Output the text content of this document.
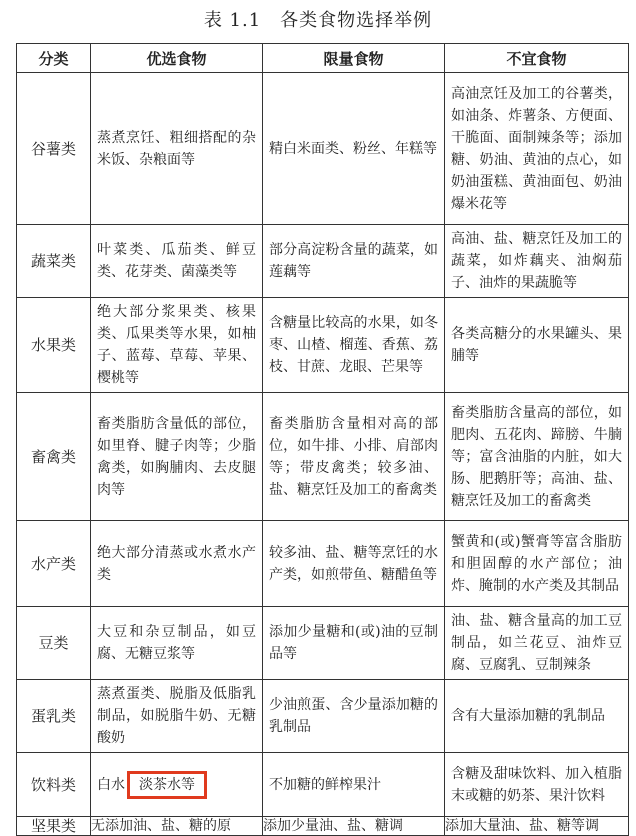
表 1.1　各类食物选择举例
分类	优选食物	限量食物	不宜食物
谷薯类	蒸煮烹饪、粗细搭配的杂米饭、杂粮面等	精白米面类、粉丝、年糕等	高油烹饪及加工的谷薯类，如油条、炸薯条、方便面、干脆面、面制辣条等；添加糖、奶油、黄油的点心，如奶油蛋糕、黄油面包、奶油爆米花等
蔬菜类	叶菜类、瓜茄类、鲜豆类、花芽类、菌藻类等	部分高淀粉含量的蔬菜，如莲藕等	高油、盐、糖烹饪及加工的蔬菜，如炸藕夹、油焖茄子、油炸的果蔬脆等
水果类	绝大部分浆果类、核果类、瓜果类等水果，如柚子、蓝莓、草莓、苹果、樱桃等	含糖量比较高的水果，如冬枣、山楂、榴莲、香蕉、荔枝、甘蔗、龙眼、芒果等	各类高糖分的水果罐头、果脯等
畜禽类	畜类脂肪含量低的部位，如里脊、腱子肉等；少脂禽类，如胸脯肉、去皮腿肉等	畜类脂肪含量相对高的部位，如牛排、小排、肩部肉等；带皮禽类；较多油、盐、糖烹饪及加工的畜禽类	畜类脂肪含量高的部位，如肥肉、五花肉、蹄膀、牛腩等；富含油脂的内脏，如大肠、肥鹅肝等；高油、盐、糖烹饪及加工的畜禽类
水产类	绝大部分清蒸或水煮水产类	较多油、盐、糖等烹饪的水产类，如煎带鱼、糖醋鱼等	蟹黄和(或)蟹膏等富含脂肪和胆固醇的水产部位；油炸、腌制的水产类及其制品
豆类	大豆和杂豆制品，如豆腐、无糖豆浆等	添加少量糖和(或)油的豆制品等	油、盐、糖含量高的加工豆制品，如兰花豆、油炸豆腐、豆腐乳、豆制辣条
蛋乳类	蒸煮蛋类、脱脂及低脂乳制品，如脱脂牛奶、无糖酸奶	少油煎蛋、含少量添加糖的乳制品	含有大量添加糖的乳制品
饮料类	白水 淡茶水等	不加糖的鲜榨果汁	含糖及甜味饮料、加入植脂末或糖的奶茶、果汁饮料
坚果类	无添加油、盐、糖的原	添加少量油、盐、糖调	添加大量油、盐、糖等调
